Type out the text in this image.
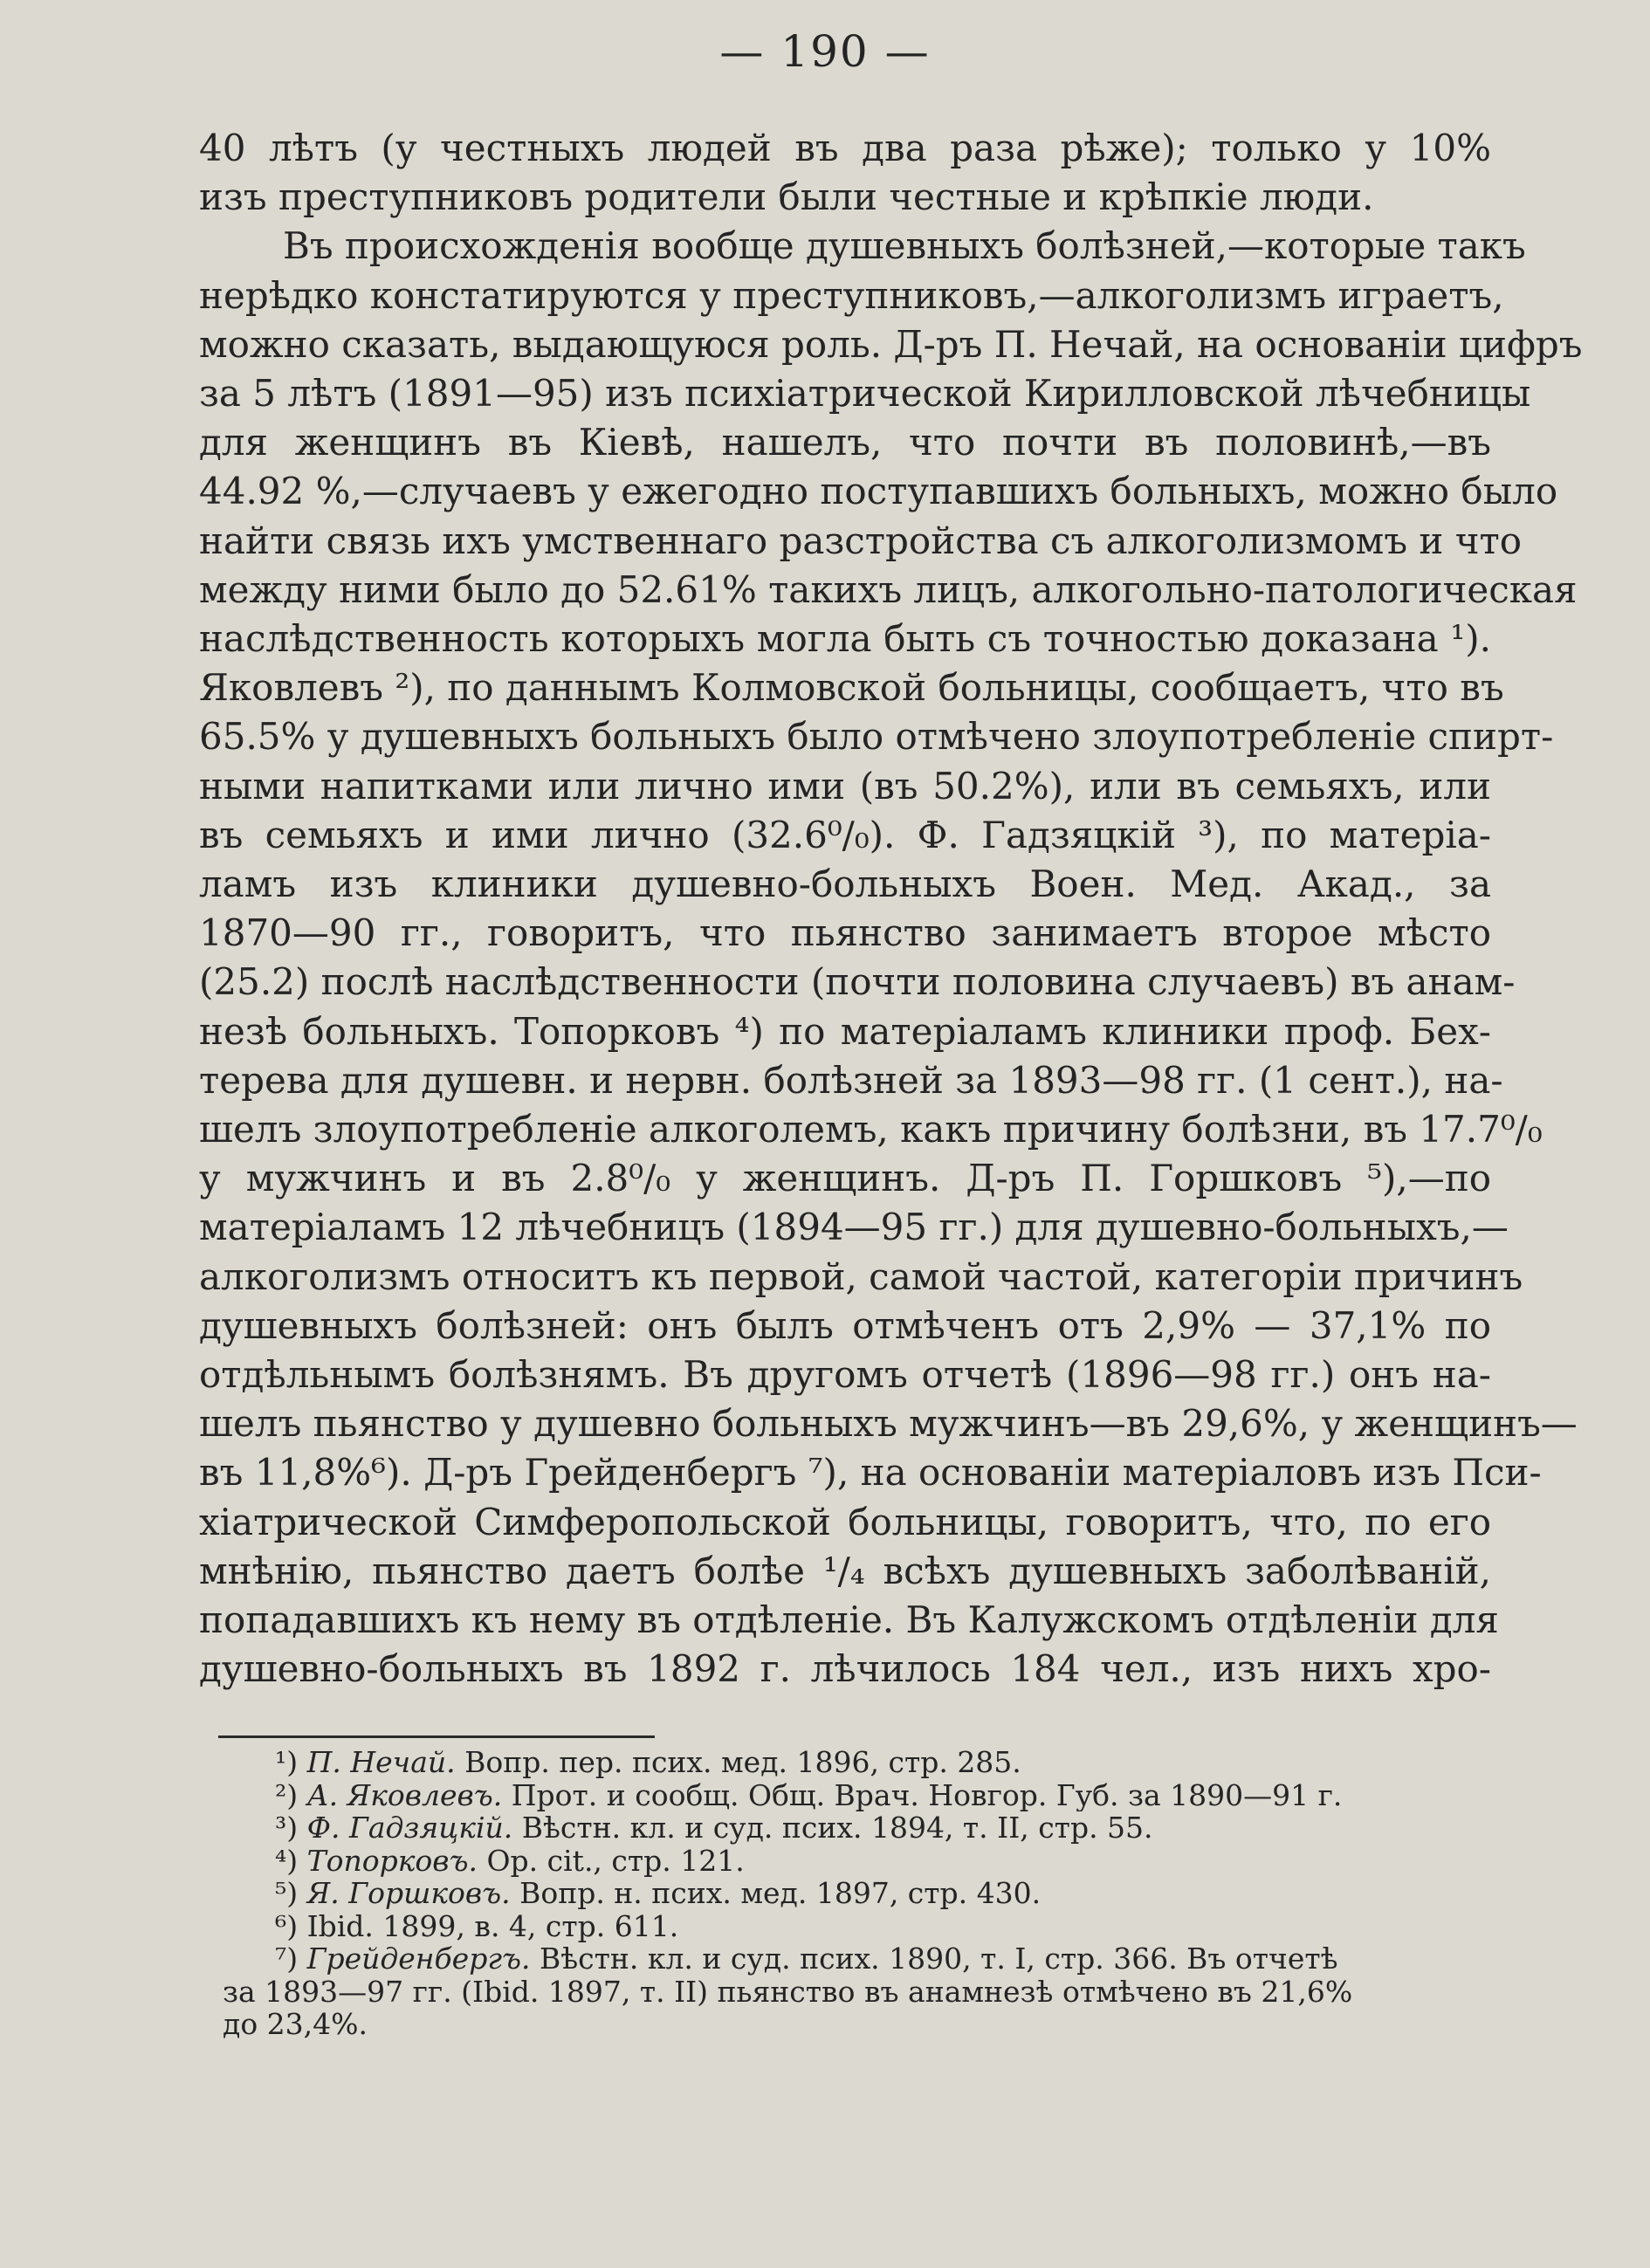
— 190 —
40 лѣтъ (у честныхъ людей въ два раза рѣже); только у 10%
изъ преступниковъ родители были честные и крѣпкіе люди.
Въ происхожденія вообще душевныхъ болѣзней,—которые такъ
нерѣдко констатируются у преступниковъ,—алкоголизмъ играетъ,
можно сказать, выдающуюся роль. Д-ръ П. Нечай, на основаніи цифръ
за 5 лѣтъ (1891—95) изъ психіатрической Кирилловской лѣчебницы
для женщинъ въ Кіевѣ, нашелъ, что почти въ половинѣ,—въ
44.92 %,—случаевъ у ежегодно поступавшихъ больныхъ, можно было
найти связь ихъ умственнаго разстройства съ алкоголизмомъ и что
между ними было до 52.61% такихъ лицъ, алкогольно-патологическая
наслѣдственность которыхъ могла быть съ точностью доказана ¹).
Яковлевъ ²), по даннымъ Колмовской больницы, сообщаетъ, что въ
65.5% у душевныхъ больныхъ было отмѣчено злоупотребленіе спирт-
ными напитками или лично ими (въ 50.2%), или въ семьяхъ, или
въ семьяхъ и ими лично (32.6⁰/₀). Ф. Гадзяцкій ³), по матеріа-
ламъ изъ клиники душевно-больныхъ Воен. Мед. Акад., за
1870—90 гг., говоритъ, что пьянство занимаетъ второе мѣсто
(25.2) послѣ наслѣдственности (почти половина случаевъ) въ анам-
незѣ больныхъ. Топорковъ ⁴) по матеріаламъ клиники проф. Бех-
терева для душевн. и нервн. болѣзней за 1893—98 гг. (1 сент.), на-
шелъ злоупотребленіе алкоголемъ, какъ причину болѣзни, въ 17.7⁰/₀
у мужчинъ и въ 2.8⁰/₀ у женщинъ. Д-ръ П. Горшковъ ⁵),—по
матеріаламъ 12 лѣчебницъ (1894—95 гг.) для душевно-больныхъ,—
алкоголизмъ относитъ къ первой, самой частой, категоріи причинъ
душевныхъ болѣзней: онъ былъ отмѣченъ отъ 2,9% — 37,1% по
отдѣльнымъ болѣзнямъ. Въ другомъ отчетѣ (1896—98 гг.) онъ на-
шелъ пьянство у душевно больныхъ мужчинъ—въ 29,6%, у женщинъ—
въ 11,8%⁶). Д-ръ Грейденбергъ ⁷), на основаніи матеріаловъ изъ Пси-
хіатрической Симферопольской больницы, говоритъ, что, по его
мнѣнію, пьянство даетъ болѣе ¹/₄ всѣхъ душевныхъ заболѣваній,
попадавшихъ къ нему въ отдѣленіе. Въ Калужскомъ отдѣленіи для
душевно-больныхъ въ 1892 г. лѣчилось 184 чел., изъ нихъ хро-
¹) П. Нечай. Вопр. пер. псих. мед. 1896, стр. 285.
²) А. Яковлевъ. Прот. и сообщ. Общ. Врач. Новгор. Губ. за 1890—91 г.
³) Ф. Гадзяцкій. Вѣстн. кл. и суд. псих. 1894, т. II, стр. 55.
⁴) Топорковъ. Op. cit., стр. 121.
⁵) Я. Горшковъ. Вопр. н. псих. мед. 1897, стр. 430.
⁶) Ibid. 1899, в. 4, стр. 611.
⁷) Грейденбергъ. Вѣстн. кл. и суд. псих. 1890, т. I, стр. 366. Въ отчетѣ
за 1893—97 гг. (Ibid. 1897, т. II) пьянство въ анамнезѣ отмѣчено въ 21,6%
до 23,4%.
